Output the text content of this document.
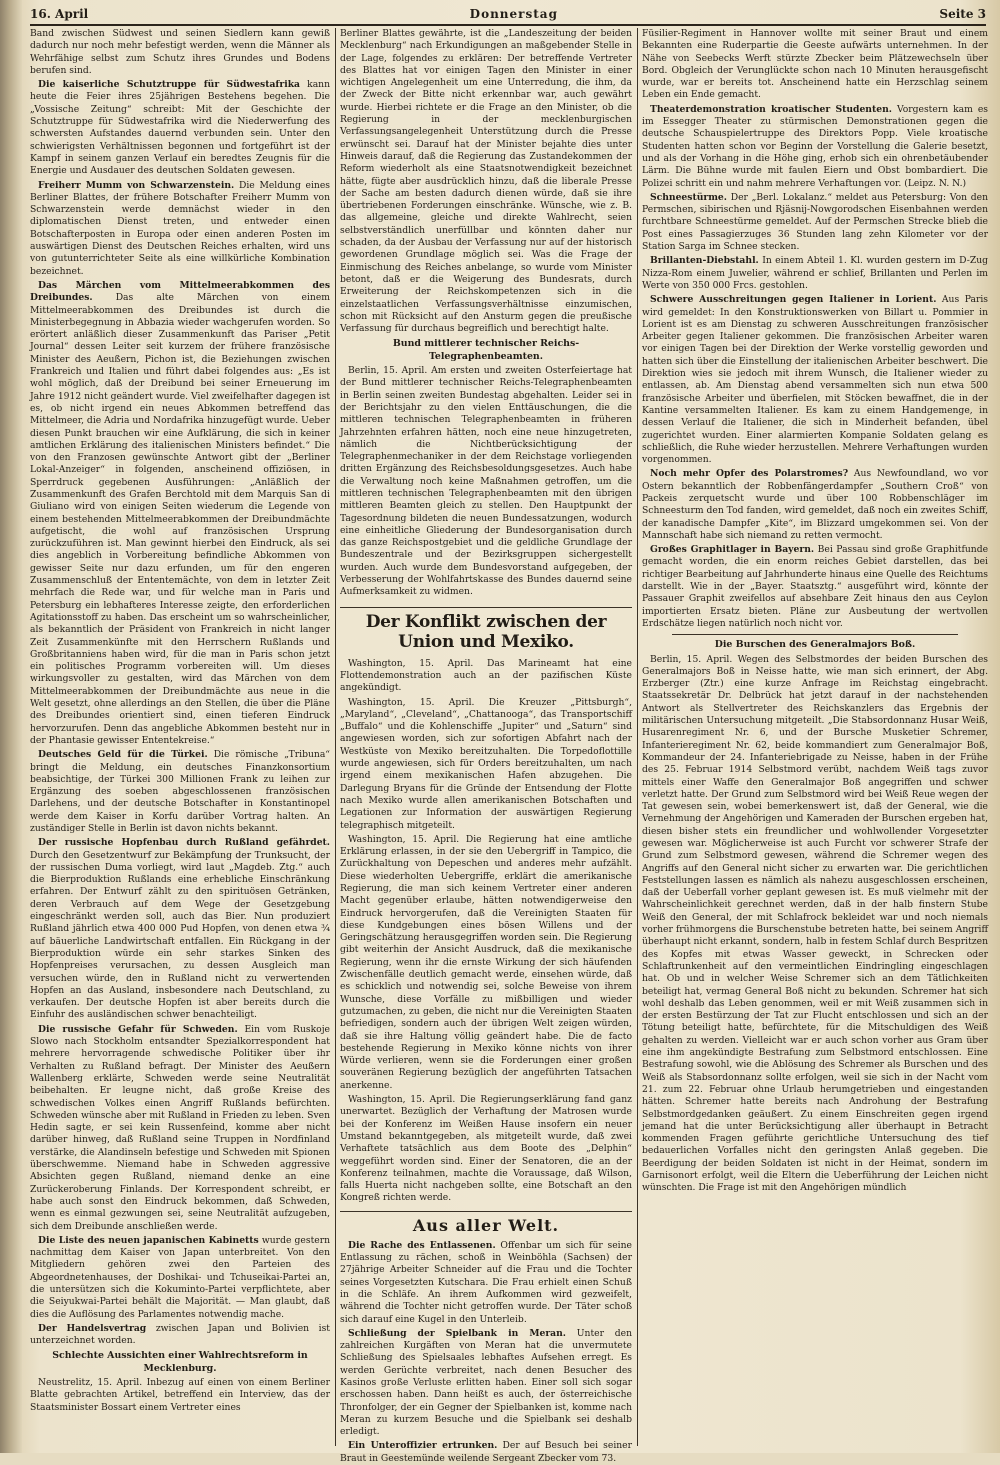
16. April	Donnerstag	Seite 3

Band zwischen Südwest und seinen Siedlern kann gewiß dadurch nur noch mehr befestigt werden, wenn die Männer als Wehrfähige selbst zum Schutz ihres Grundes und Bodens berufen sind.

Die kaiserliche Schutztruppe für Südwestafrika kann heute die Feier ihres 25jährigen Bestehens begehen. Die „Vossische Zeitung“ schreibt: Mit der Geschichte der Schutztruppe für Südwestafrika wird die Niederwerfung des schwersten Aufstandes dauernd verbunden sein. Unter den schwierigsten Verhältnissen begonnen und fortgeführt ist der Kampf in seinem ganzen Verlauf ein beredtes Zeugnis für die Energie und Ausdauer des deutschen Soldaten gewesen.

Freiherr Mumm von Schwarzenstein. Die Meldung eines Berliner Blattes, der frühere Botschafter Freiherr Mumm von Schwarzenstein werde demnächst wieder in den diplomatischen Dienst treten, und entweder einen Botschafterposten in Europa oder einen anderen Posten im auswärtigen Dienst des Deutschen Reiches erhalten, wird uns von gutunterrichteter Seite als eine willkürliche Kombination bezeichnet.

Das Märchen vom Mittelmeerabkommen des Dreibundes.	Das alte Märchen von einem Mittelmeerabkommen des Dreibundes ist durch die Ministerbegegnung in Abbazia wieder wachgerufen worden. So erörtert anläßlich dieser Zusammenkunft das Pariser „Petit Journal“ dessen Leiter seit kurzem der frühere französische Minister des Aeußern, Pichon ist, die Beziehungen zwischen Frankreich und Italien und führt dabei folgendes aus: „Es ist wohl möglich, daß der Dreibund bei seiner Erneuerung im Jahre 1912 nicht geändert wurde. Viel zweifelhafter dagegen ist es, ob nicht irgend ein neues Abkommen betreffend das Mittelmeer, die Adria und Nordafrika hinzugefügt wurde. Ueber diesen Punkt brauchen wir eine Aufklärung, die sich in keiner amtlichen Erklärung des italienischen Ministers befindet.“ Die von den Franzosen gewünschte Antwort gibt der „Berliner Lokal-Anzeiger“ in folgenden, anscheinend offiziösen, in Sperrdruck gegebenen Ausführungen: „Anläßlich der Zusammenkunft des Grafen Berchtold mit dem Marquis San di Giuliano wird von einigen Seiten wiederum die Legende von einem bestehenden Mittelmeerabkommen der Dreibundmächte aufgetischt, die wohl auf französischen Ursprung zurückzuführen ist. Man gewinnt hierbei den Eindruck, als sei dies angeblich in Vorbereitung befindliche Abkommen von gewisser Seite nur dazu erfunden, um für den engeren Zusammenschluß der Ententemächte, von dem in letzter Zeit mehrfach die Rede war, und für welche man in Paris und Petersburg ein lebhafteres Interesse zeigte, den erforderlichen Agitationsstoff zu haben. Das erscheint um so wahrscheinlicher, als bekanntlich der Präsident von Frankreich in nicht langer Zeit Zusammenkünfte mit den Herrschern Rußlands und Großbritanniens haben wird, für die man in Paris schon jetzt ein politisches Programm vorbereiten will. Um dieses wirkungsvoller zu gestalten, wird das Märchen von dem Mittelmeerabkommen der Dreibundmächte aus neue in die Welt gesetzt, ohne allerdings an den Stellen, die über die Pläne des Dreibundes orientiert sind, einen tieferen Eindruck hervorzurufen. Denn das angebliche Abkommen besteht nur in der Phantasie gewisser Ententekreise.“

Deutsches Geld für die Türkei. Die römische „Tribuna“ bringt die Meldung, ein deutsches Finanzkonsortium beabsichtige, der Türkei 300 Millionen Frank zu leihen zur Ergänzung des soeben abgeschlossenen französischen Darlehens, und der deutsche Botschafter in Konstantinopel werde dem Kaiser in Korfu darüber Vortrag halten. An zuständiger Stelle in Berlin ist davon nichts bekannt.

Der russische Hopfenbau durch Rußland gefährdet. Durch den Gesetzentwurf zur Bekämpfung der Trunksucht, der der russischen Duma vorliegt, wird laut „Magdeb. Ztg.“ auch die Bierproduktion Rußlands eine erhebliche Einschränkung erfahren. Der Entwurf zählt zu den spirituösen Getränken, deren Verbrauch auf dem Wege der Gesetzgebung eingeschränkt werden soll, auch das Bier. Nun produziert Rußland jährlich etwa 400 000 Pud Hopfen, von denen etwa ¾ auf bäuerliche Landwirtschaft entfallen. Ein Rückgang in der Bierproduktion würde ein sehr starkes Sinken des Hopfenpreises verursachen, zu dessen Ausgleich man versuchen würde, den in Rußland nicht zu verwertenden Hopfen an das Ausland, insbesondere nach Deutschland, zu verkaufen. Der deutsche Hopfen ist aber bereits durch die Einfuhr des ausländischen schwer benachteiligt.

Die russische Gefahr für Schweden. Ein vom Ruskoje Slowo nach Stockholm entsandter Spezialkorrespondent hat mehrere hervorragende schwedische Politiker über ihr Verhalten zu Rußland befragt. Der Minister des Aeußern Wallenberg erklärte, Schweden werde seine Neutralität beibehalten. Er leugne nicht, daß große Kreise des schwedischen Volkes einen Angriff Rußlands befürchten. Schweden wünsche aber mit Rußland in Frieden zu leben. Sven Hedin sagte, er sei kein Russenfeind, komme aber nicht darüber hinweg, daß Rußland seine Truppen in Nordfinland verstärke, die Alandinseln befestige und Schweden mit Spionen überschwemme. Niemand habe in Schweden aggressive Absichten gegen Rußland, niemand denke an eine Zurückeroberung Finlands. Der Korrespondent schreibt, er habe auch sonst den Eindruck bekommen, daß Schweden, wenn es einmal gezwungen sei, seine Neutralität aufzugeben, sich dem Dreibunde anschließen werde.

Die Liste des neuen japanischen Kabinetts wurde gestern nachmittag dem Kaiser von Japan unterbreitet. Von den Mitgliedern gehören zwei den Parteien des Abgeordnetenhauses, der Doshikai- und Tchuseikai-Partei an, die untersützen sich die Kokuminto-Partei verpflichtete, aber die Seiyukwai-Partei behält die Majorität. — Man glaubt, daß dies die Auflösung des Parlamentes notwendig mache.

Der Handelsvertrag zwischen Japan und Bolivien ist unterzeichnet worden.

Schlechte Aussichten einer Wahlrechtsreform in Mecklenburg.

Neustrelitz, 15. April. Inbezug auf einen von einem Berliner Blatte gebrachten Artikel, betreffend ein Interview, das der Staatsminister Bossart einem Vertreter eines

Berliner Blattes gewährte, ist die „Landeszeitung der beiden Mecklenburg“ nach Erkundigungen an maßgebender Stelle in der Lage, folgendes zu erklären: Der betreffende Vertreter des Blattes hat vor einigen Tagen den Minister in einer wichtigen Angelegenheit um eine Unterredung, die ihm, da der Zweck der Bitte nicht erkennbar war, auch gewährt wurde. Hierbei richtete er die Frage an den Minister, ob die Regierung in der mecklenburgischen Verfassungsangelegenheit Unterstützung durch die Presse erwünscht sei. Darauf hat der Minister bejahte dies unter Hinweis darauf, daß die Regierung das Zustandekommen der Reform wiederholt als eine Staatsnotwendigkeit bezeichnet hätte, fügte aber ausdrücklich hinzu, daß die liberale Presse der Sache am besten dadurch dienen würde, daß sie ihre übertriebenen Forderungen einschränke. Wünsche, wie z. B. das allgemeine, gleiche und direkte Wahlrecht, seien selbstverständlich unerfüllbar und könnten daher nur schaden, da der Ausbau der Verfassung nur auf der historisch gewordenen Grundlage möglich sei. Was die Frage der Einmischung des Reiches anbelange, so wurde vom Minister betont, daß er die Weigerung des Bundesrats, durch Erweiterung der Reichskompetenzen sich in die einzelstaatlichen Verfassungsverhältnisse einzumischen, schon mit Rücksicht auf den Ansturm gegen die preußische Verfassung für durchaus begreiflich und berechtigt halte.

Bund mittlerer technischer Reichs-Telegraphenbeamten.

Berlin, 15. April. Am ersten und zweiten Osterfeiertage hat der Bund mittlerer technischer Reichs-Telegraphenbeamten in Berlin seinen zweiten Bundestag abgehalten. Leider sei in der Berichtsjahr zu den vielen Enttäuschungen, die die mittleren technischen Telegraphenbeamten in früheren Jahrzehnten erfahren hätten, noch eine neue hinzugetreten, nämlich die Nichtberücksichtigung der Telegraphenmechaniker in der dem Reichstage vorliegenden dritten Ergänzung des Reichsbesoldungsgesetzes. Auch habe die Verwaltung noch keine Maßnahmen getroffen, um die mittleren technischen Telegraphenbeamten mit den übrigen mittleren Beamten gleich zu stellen. Den Hauptpunkt der Tagesordnung bildeten die neuen Bundessatzungen, wodurch eine einheitliche Gliederung der Bundesorganisation durch das ganze Reichspostgebiet und die geldliche Grundlage der Bundeszentrale und der Bezirksgruppen sichergestellt wurden. Auch wurde dem Bundesvorstand aufgegeben, der Verbesserung der Wohlfahrtskasse des Bundes dauernd seine Aufmerksamkeit zu widmen.

Der Konflikt zwischen der Union und Mexiko.

Washington, 15. April. Das Marineamt hat eine Flottendemonstration auch an der pazifischen Küste angekündigt.

Washington, 15. April. Die Kreuzer „Pittsburgh“, „Maryland“, „Cleveland“, „Chattanooga“, das Transportschiff „Buffalo“ und die Kohlenschiffe „Jupiter“ und „Saturn“ sind angewiesen worden, sich zur sofortigen Abfahrt nach der Westküste von Mexiko bereitzuhalten. Die Torpedoflottille wurde angewiesen, sich für Orders bereitzuhalten, um nach irgend einem mexikanischen Hafen abzugehen. Die Darlegung Bryans für die Gründe der Entsendung der Flotte nach Mexiko wurde allen amerikanischen Botschaften und Legationen zur Information der auswärtigen Regierung telegraphisch mitgeteilt.

Washington, 15. April. Die Regierung hat eine amtliche Erklärung erlassen, in der sie den Uebergriff in Tampico, die Zurückhaltung von Depeschen und anderes mehr aufzählt. Diese wiederholten Uebergriffe, erklärt die amerikanische Regierung, die man sich keinem Vertreter einer anderen Macht gegenüber erlaube, hätten notwendigerweise den Eindruck hervorgerufen, daß die Vereinigten Staaten für diese Kundgebungen eines bösen Willens und der Geringschätzung herausgegriffen worden sein. Die Regierung gibt weiterhin der Ansicht Ausdruck, daß die mexikanische Regierung, wenn ihr die ernste Wirkung der sich häufenden Zwischenfälle deutlich gemacht werde, einsehen würde, daß es schicklich und notwendig sei, solche Beweise von ihrem Wunsche, diese Vorfälle zu mißbilligen und wieder gutzumachen, zu geben, die nicht nur die Vereinigten Staaten befriedigen, sondern auch der übrigen Welt zeigen würden, daß sie ihre Haltung völlig geändert habe. Die de facto bestehende Regierung in Mexiko könne nichts von ihrer Würde verlieren, wenn sie die Forderungen einer großen souveränen Regierung bezüglich der angeführten Tatsachen anerkenne.

Washington, 15. April. Die Regierungserklärung fand ganz unerwartet. Bezüglich der Verhaftung der Matrosen wurde bei der Konferenz im Weißen Hause insofern ein neuer Umstand bekanntgegeben, als mitgeteilt wurde, daß zwei Verhaftete tatsächlich aus dem Boote des „Delphin“ weggeführt worden sind. Einer der Senatoren, die an der Konferenz teilnahmen, machte die Voraussage, daß Wilson, falls Huerta nicht nachgeben sollte, eine Botschaft an den Kongreß richten werde.

Aus aller Welt.

Die Rache des Entlassenen. Offenbar um sich für seine Entlassung zu rächen, schoß in Weinböhla (Sachsen) der 27jährige Arbeiter Schneider auf die Frau und die Tochter seines Vorgesetzten Kutschara. Die Frau erhielt einen Schuß in die Schläfe. An ihrem Aufkommen wird gezweifelt, während die Tochter nicht getroffen wurde. Der Täter schoß sich darauf eine Kugel in den Unterleib.

Schließung der Spielbank in Meran. Unter den zahlreichen Kurgäften von Meran hat die unvermutete Schließung des Spielsaales lebhaftes Aufsehen erregt. Es werden Gerüchte verbreitet, nach denen Besucher des Kasinos große Verluste erlitten haben. Einer soll sich sogar erschossen haben. Dann heißt es auch, der österreichische Thronfolger, der ein Gegner der Spielbanken ist, komme nach Meran zu kurzem Besuche und die Spielbank sei deshalb erledigt.

Ein Unteroffizier ertrunken. Der auf Besuch bei seiner Braut in Geestemünde weilende Sergeant Zbecker vom 73.

Füsilier-Regiment in Hannover wollte mit seiner Braut und einem Bekannten eine Ruderpartie die Geeste aufwärts unternehmen. In der Nähe von Seebecks Werft stürzte Zbecker beim Plätzewechseln über Bord. Obgleich der Verunglückte schon nach 10 Minuten herausgefischt wurde, war er bereits tot. Anscheinend hatte ein Herzschlag seinem Leben ein Ende gemacht.

Theaterdemonstration kroatischer Studenten. Vorgestern kam es im Essegger Theater zu stürmischen Demonstrationen gegen die deutsche Schauspielertruppe des Direktors Popp. Viele kroatische Studenten hatten schon vor Beginn der Vorstellung die Galerie besetzt, und als der Vorhang in die Höhe ging, erhob sich ein ohrenbetäubender Lärm. Die Bühne wurde mit faulen Eiern und Obst bombardiert. Die Polizei schritt ein und nahm mehrere Verhaftungen vor. (Leipz. N. N.)

Schneestürme. Der „Berl. Lokalanz.“ meldet aus Petersburg: Von den Permschen, sibirischen und Rjäsnij-Nowgorodschen Eisenbahnen werden furchtbare Schneestürme gemeldet. Auf der Permschen Strecke blieb die Post eines Passagierzuges 36 Stunden lang zehn Kilometer vor der Station Sarga im Schnee stecken.

Brillanten-Diebstahl. In einem Abteil 1. Kl. wurden gestern im D-Zug Nizza-Rom einem Juwelier, während er schlief, Brillanten und Perlen im Werte von 350 000 Frcs. gestohlen.

Schwere Ausschreitungen gegen Italiener in Lorient. Aus Paris wird gemeldet: In den Konstruktionswerken von Billart u. Pommier in Lorient ist es am Dienstag zu schweren Ausschreitungen französischer Arbeiter gegen Italiener gekommen. Die französischen Arbeiter waren vor einigen Tagen bei der Direktion der Werke vorstellig geworden und hatten sich über die Einstellung der italienischen Arbeiter beschwert. Die Direktion wies sie jedoch mit ihrem Wunsch, die Italiener wieder zu entlassen, ab. Am Dienstag abend versammelten sich nun etwa 500 französische Arbeiter und überfielen, mit Stöcken bewaffnet, die in der Kantine versammelten Italiener. Es kam zu einem Handgemenge, in dessen Verlauf die Italiener, die sich in Minderheit befanden, übel zugerichtet wurden. Einer alarmierten Kompanie Soldaten gelang es schließlich, die Ruhe wieder herzustellen. Mehrere Verhaftungen wurden vorgenommen.

Noch mehr Opfer des Polarstromes? Aus Newfoundland, wo vor Ostern bekanntlich der Robbenfängerdampfer „Southern Croß“ von Packeis zerquetscht wurde und über 100 Robbenschläger im Schneesturm den Tod fanden, wird gemeldet, daß noch ein zweites Schiff, der kanadische Dampfer „Kite“, im Blizzard umgekommen sei. Von der Mannschaft habe sich niemand zu retten vermocht.

Großes Graphitlager in Bayern. Bei Passau sind große Graphitfunde gemacht worden, die ein enorm reiches Gebiet darstellen, das bei richtiger Bearbeitung auf Jahrhunderte hinaus eine Quelle des Reichtums darstellt. Wie in der „Bayer. Staatsztg.“ ausgeführt wird, könnte der Passauer Graphit zweifellos auf absehbare Zeit hinaus den aus Ceylon importierten Ersatz bieten. Pläne zur Ausbeutung der wertvollen Erdschätze liegen natürlich noch nicht vor.

Die Burschen des Generalmajors Boß.

Berlin, 15. April. Wegen des Selbstmordes der beiden Burschen des Generalmajors Boß in Neisse hatte, wie man sich erinnert, der Abg. Erzberger (Ztr.) eine kurze Anfrage im Reichstag eingebracht. Staatssekretär Dr. Delbrück hat jetzt darauf in der nachstehenden Antwort als Stellvertreter des Reichskanzlers das Ergebnis der militärischen Untersuchung mitgeteilt. „Die Stabsordonnanz Husar Weiß, Husarenregiment Nr. 6, und der Bursche Musketier Schremer, Infanterieregiment Nr. 62, beide kommandiert zum Generalmajor Boß, Kommandeur der 24. Infanteriebrigade zu Neisse, haben in der Frühe des 25. Februar 1914 Selbstmord verübt, nachdem Weiß tags zuvor mittels einer Waffe den Generalmajor Boß angegriffen und schwer verletzt hatte. Der Grund zum Selbstmord wird bei Weiß Reue wegen der Tat gewesen sein, wobei bemerkenswert ist, daß der General, wie die Vernehmung der Angehörigen und Kameraden der Burschen ergeben hat, diesen bisher stets ein freundlicher und wohlwollender Vorgesetzter gewesen war. Möglicherweise ist auch Furcht vor schwerer Strafe der Grund zum Selbstmord gewesen, während die Schremer wegen des Angriffs auf den General nicht sicher zu erwarten war. Die gerichtlichen Feststellungen lassen es nämlich als nahezu ausgeschlossen erscheinen, daß der Ueberfall vorher geplant gewesen ist. Es muß vielmehr mit der Wahrscheinlichkeit gerechnet werden, daß in der halb finstern Stube Weiß den General, der mit Schlafrock bekleidet war und noch niemals vorher frühmorgens die Burschenstube betreten hatte, bei seinem Angriff überhaupt nicht erkannt, sondern, halb in festem Schlaf durch Bespritzen des Kopfes mit etwas Wasser geweckt, in Schrecken oder Schlaftrunkenheit auf den vermeintlichen Eindringling eingeschlagen hat. Ob und in welcher Weise Schremer sich an dem Tätlichkeiten beteiligt hat, vermag General Boß nicht zu bekunden. Schremer hat sich wohl deshalb das Leben genommen, weil er mit Weiß zusammen sich in der ersten Bestürzung der Tat zur Flucht entschlossen und sich an der Tötung beteiligt hatte, befürchtete, für die Mitschuldigen des Weiß gehalten zu werden. Vielleicht war er auch schon vorher aus Gram über eine ihm angekündigte Bestrafung zum Selbstmord entschlossen. Eine Bestrafung sowohl, wie die Ablösung des Schremer als Burschen und des Weiß als Stabsordonnanz sollte erfolgen, weil sie sich in der Nacht vom 21. zum 22. Februar ohne Urlaub herumgetrieben und eingestanden hätten. Schremer hatte bereits nach Androhung der Bestrafung Selbstmordgedanken geäußert. Zu einem Einschreiten gegen irgend jemand hat die unter Berücksichtigung aller überhaupt in Betracht kommenden Fragen geführte gerichtliche Untersuchung des tief bedauerlichen Vorfalles nicht den geringsten Anlaß gegeben. Die Beerdigung der beiden Soldaten ist nicht in der Heimat, sondern im Garnisonort erfolgt, weil die Eltern die Ueberführung der Leichen nicht wünschten. Die Frage ist mit den Angehörigen mündlich
